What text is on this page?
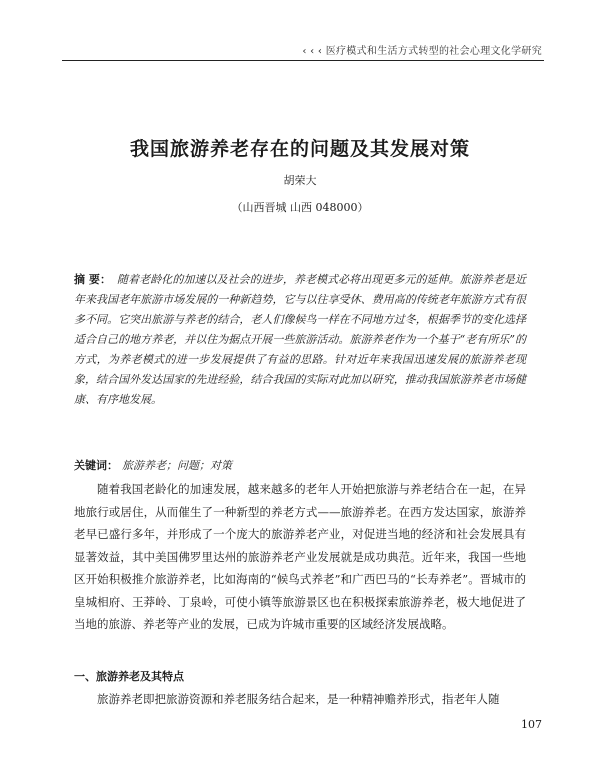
‹ ‹ ‹ 医疗模式和生活方式转型的社会心理文化学研究
我国旅游养老存在的问题及其发展对策
胡荣大
（山西晋城 山西 048000）

摘 要： 随着老龄化的加速以及社会的进步，养老模式必将出现更多元的延伸。旅游养老是近年来我国老年旅游市场发展的一种新趋势，它与以往享受休、费用高的传统老年旅游方式有很多不同。它突出旅游与养老的结合，老人们像候鸟一样在不同地方过冬，根据季节的变化选择适合自己的地方养老，并以住为据点开展一些旅游活动。旅游养老作为一个基于“老有所乐”的方式，为养老模式的进一步发展提供了有益的思路。针对近年来我国迅速发展的旅游养老现象，结合国外发达国家的先进经验，结合我国的实际对此加以研究，推动我国旅游养老市场健康、有序地发展。

关键词： 旅游养老；问题；对策

随着我国老龄化的加速发展，越来越多的老年人开始把旅游与养老结合在一起，在异地旅行或居住，从而催生了一种新型的养老方式——旅游养老。在西方发达国家，旅游养老早已盛行多年，并形成了一个庞大的旅游养老产业，对促进当地的经济和社会发展具有显著效益，其中美国佛罗里达州的旅游养老产业发展就是成功典范。近年来，我国一些地区开始积极推介旅游养老，比如海南的“候鸟式养老”和广西巴马的“长寿养老”。晋城市的皇城相府、王莽岭、丁泉岭，可使小镇等旅游景区也在积极探索旅游养老，极大地促进了当地的旅游、养老等产业的发展，已成为许城市重要的区域经济发展战略。

一、旅游养老及其特点

旅游养老即把旅游资源和养老服务结合起来，是一种精神赡养形式，指老年人随

107
